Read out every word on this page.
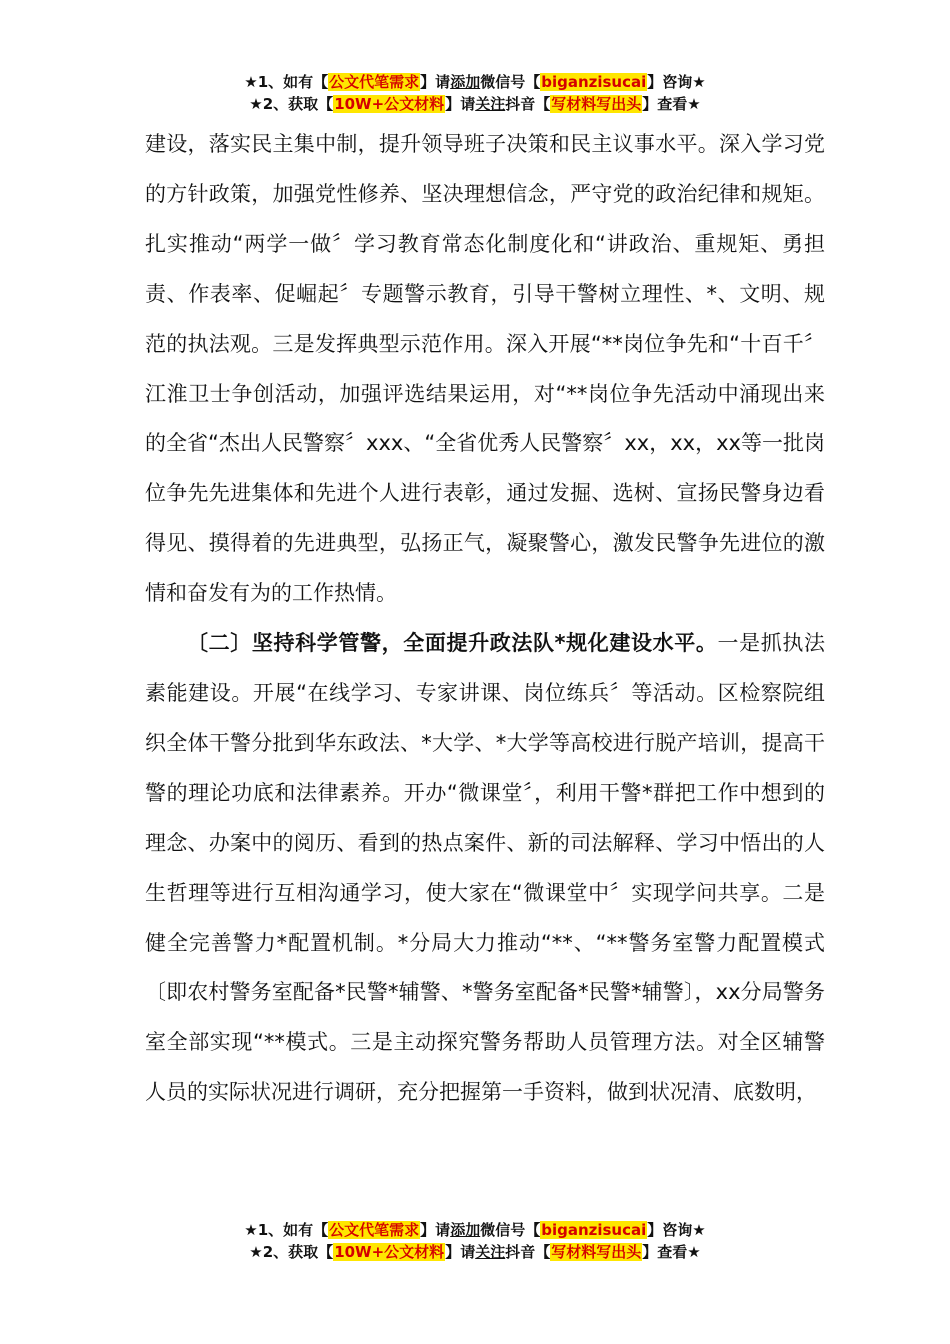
★1、如有【公文代笔需求】请添加微信号【biganzisucai】咨询★
★2、获取【10W+公文材料】请关注抖音【写材料写出头】查看★

建设，落实民主集中制，提升领导班子决策和民主议事水平。深入学习党的方针政策，加强党性修养、坚决理想信念，严守党的政治纪律和规矩。扎实推动“两学一做〞学习教育常态化制度化和“讲政治、重规矩、勇担责、作表率、促崛起〞专题警示教育，引导干警树立理性、*、文明、规范的执法观。三是发挥典型示范作用。深入开展“**岗位争先和“十百千〞江淮卫士争创活动，加强评选结果运用，对“**岗位争先活动中涌现出来的全省“杰出人民警察〞xxx、“全省优秀人民警察〞xx，xx，xx等一批岗位争先先进集体和先进个人进行表彰，通过发掘、选树、宣扬民警身边看得见、摸得着的先进典型，弘扬正气，凝聚警心，激发民警争先进位的激情和奋发有为的工作热情。

〔二〕坚持科学管警，全面提升政法队*规化建设水平。一是抓执法素能建设。开展“在线学习、专家讲课、岗位练兵〞等活动。区检察院组织全体干警分批到华东政法、*大学、*大学等高校进行脱产培训，提高干警的理论功底和法律素养。开办“微课堂〞，利用干警*群把工作中想到的理念、办案中的阅历、看到的热点案件、新的司法解释、学习中悟出的人生哲理等进行互相沟通学习，使大家在“微课堂中〞实现学问共享。二是健全完善警力*配置机制。*分局大力推动“**、“**警务室警力配置模式〔即农村警务室配备*民警*辅警、*警务室配备*民警*辅警〕，xx分局警务室全部实现“**模式。三是主动探究警务帮助人员管理方法。对全区辅警人员的实际状况进行调研，充分把握第一手资料，做到状况清、底数明，

★1、如有【公文代笔需求】请添加微信号【biganzisucai】咨询★
★2、获取【10W+公文材料】请关注抖音【写材料写出头】查看★
